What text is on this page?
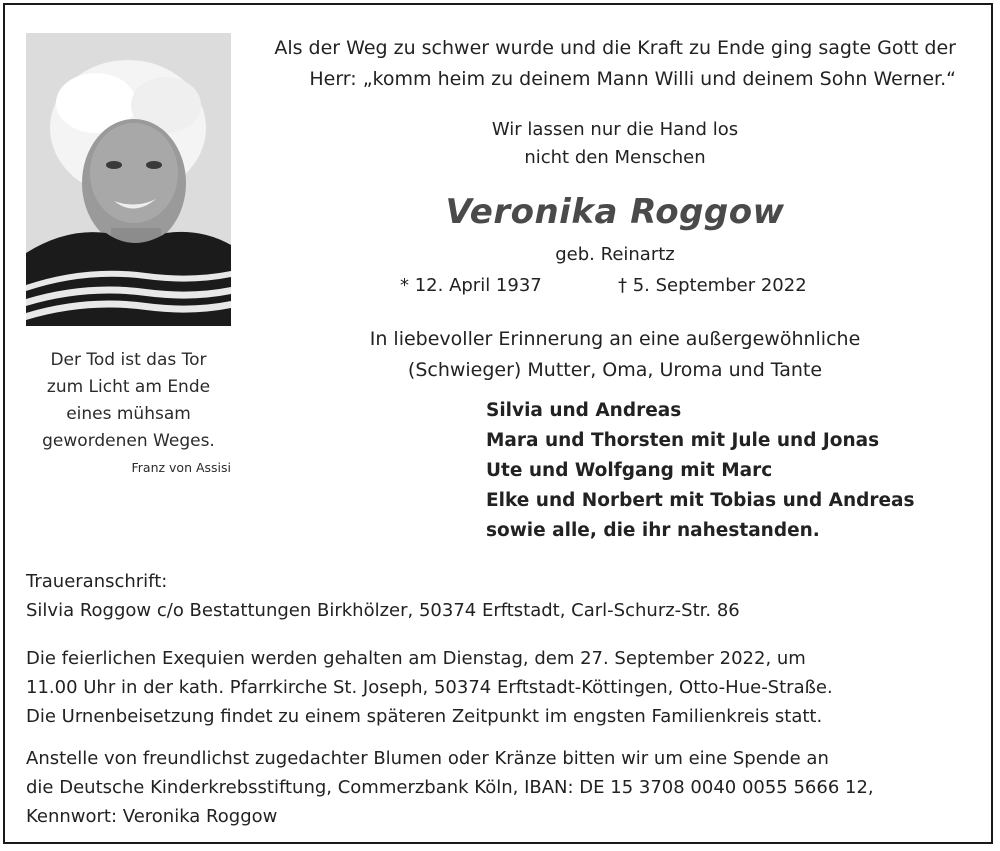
Der Tod ist das Tor
zum Licht am Ende
eines mühsam
gewordenen Weges.
Franz von Assisi
Als der Weg zu schwer wurde und die Kraft zu Ende ging sagte Gott der
Herr: „komm heim zu deinem Mann Willi und deinem Sohn Werner.“
Wir lassen nur die Hand los
nicht den Menschen
Veronika Roggow
geb. Reinartz
* 12. April 1937	† 5. September 2022
In liebevoller Erinnerung an eine außergewöhnliche
(Schwieger) Mutter, Oma, Uroma und Tante
Silvia und Andreas
Mara und Thorsten mit Jule und Jonas
Ute und Wolfgang mit Marc
Elke und Norbert mit Tobias und Andreas
sowie alle, die ihr nahestanden.
Traueranschrift:
Silvia Roggow c/o Bestattungen Birkhölzer, 50374 Erftstadt, Carl-Schurz-Str. 86
Die feierlichen Exequien werden gehalten am Dienstag, dem 27. September 2022, um
11.00 Uhr in der kath. Pfarrkirche St. Joseph, 50374 Erftstadt-Köttingen, Otto-Hue-Straße.
Die Urnenbeisetzung findet zu einem späteren Zeitpunkt im engsten Familienkreis statt.
Anstelle von freundlichst zugedachter Blumen oder Kränze bitten wir um eine Spende an
die Deutsche Kinderkrebsstiftung, Commerzbank Köln, IBAN: DE 15 3708 0040 0055 5666 12,
Kennwort: Veronika Roggow
